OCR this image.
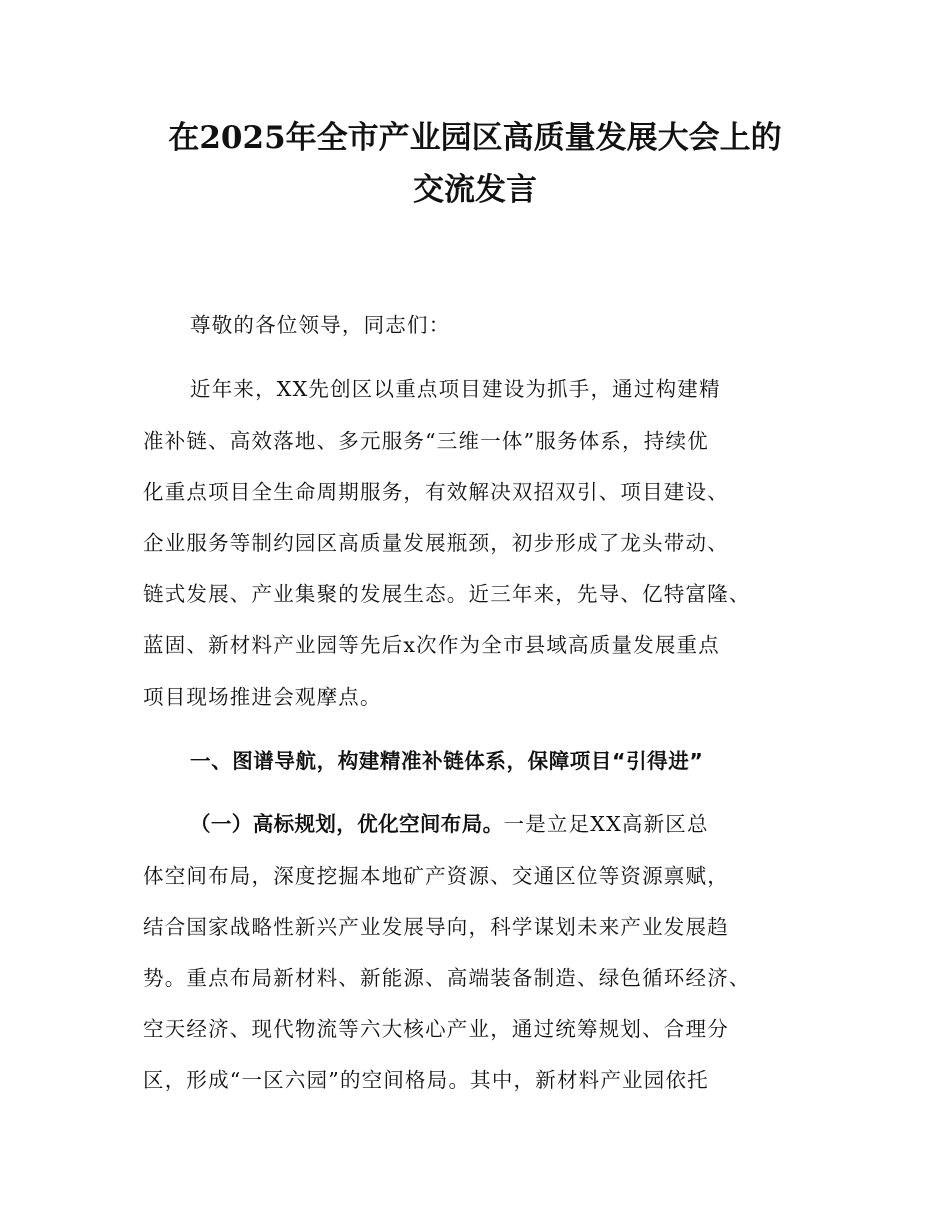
在2025年全市产业园区高质量发展大会上的
交流发言
尊敬的各位领导，同志们：
近年来，XX先创区以重点项目建设为抓手，通过构建精
准补链、高效落地、多元服务“三维一体”服务体系，持续优
化重点项目全生命周期服务，有效解决双招双引、项目建设、
企业服务等制约园区高质量发展瓶颈，初步形成了龙头带动、
链式发展、产业集聚的发展生态。近三年来，先导、亿特富隆、
蓝固、新材料产业园等先后x次作为全市县域高质量发展重点
项目现场推进会观摩点。
一、图谱导航，构建精准补链体系，保障项目“引得进”
（一）高标规划，优化空间布局。一是立足XX高新区总
体空间布局，深度挖掘本地矿产资源、交通区位等资源禀赋，
结合国家战略性新兴产业发展导向，科学谋划未来产业发展趋
势。重点布局新材料、新能源、高端装备制造、绿色循环经济、
空天经济、现代物流等六大核心产业，通过统筹规划、合理分
区，形成“一区六园”的空间格局。其中，新材料产业园依托
